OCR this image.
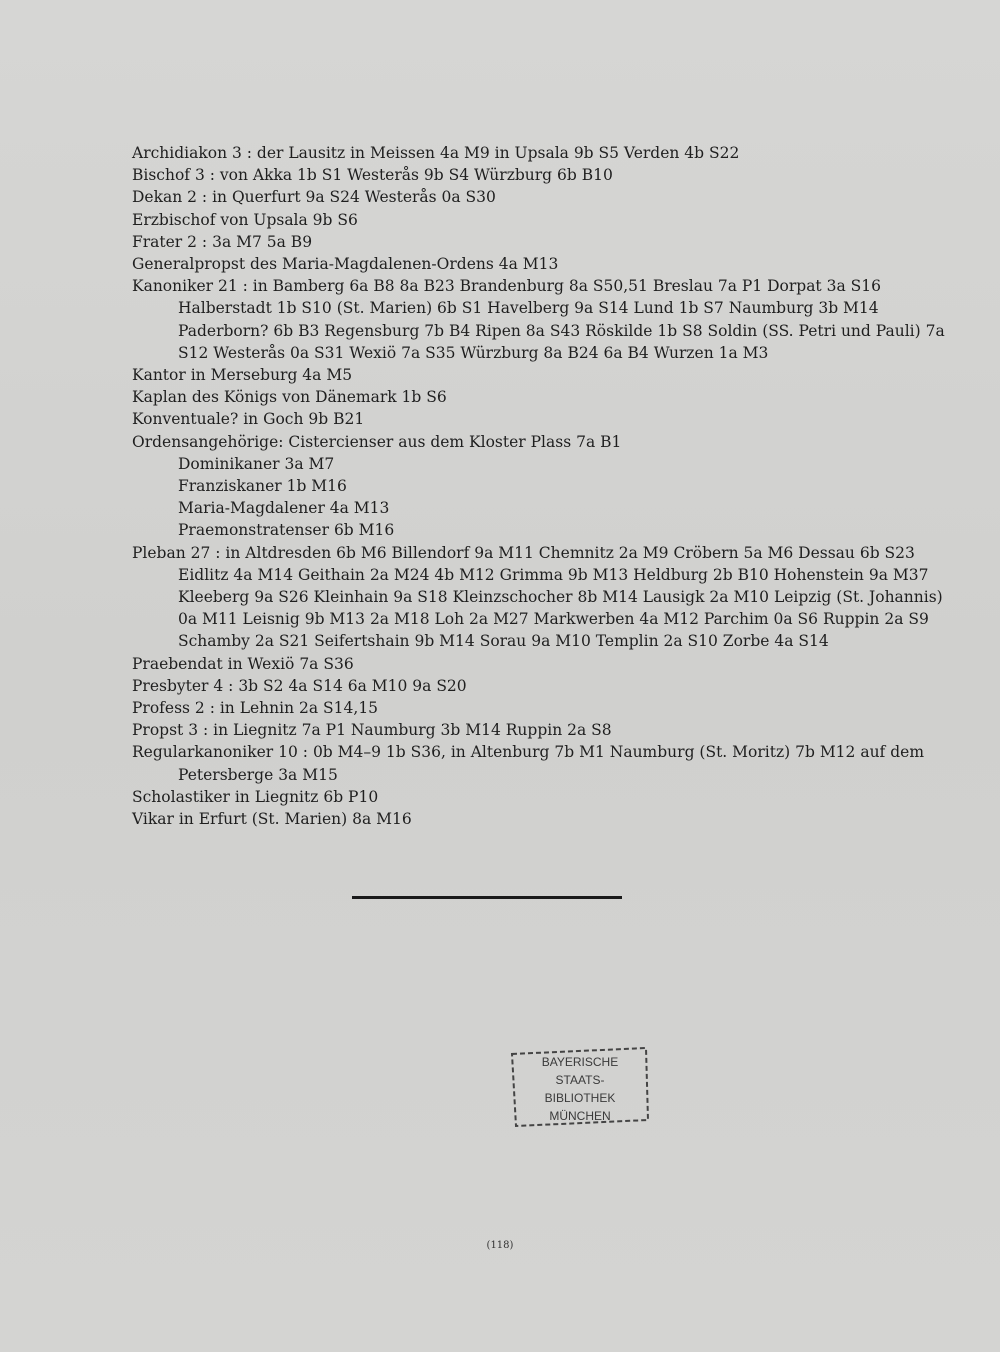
Archidiakon 3 : der Lausitz in Meissen 4a M9 in Upsala 9b S5 Verden 4b S22

Bischof 3 : von Akka 1b S1 Westerås 9b S4 Würzburg 6b B10

Dekan 2 : in Querfurt 9a S24 Westerås 0a S30

Erzbischof von Upsala 9b S6

Frater 2 : 3a M7 5a B9

Generalpropst des Maria-Magdalenen-Ordens 4a M13

Kanoniker 21 : in Bamberg 6a B8 8a B23 Brandenburg 8a S50,51 Breslau 7a P1 Dorpat 3a S16 Halberstadt 1b S10 (St. Marien) 6b S1 Havelberg 9a S14 Lund 1b S7 Naumburg 3b M14 Paderborn? 6b B3 Regensburg 7b B4 Ripen 8a S43 Röskilde 1b S8 Soldin (SS. Petri und Pauli) 7a S12 Westerås 0a S31 Wexiö 7a S35 Würzburg 8a B24 6a B4 Wurzen 1a M3

Kantor in Merseburg 4a M5

Kaplan des Königs von Dänemark 1b S6

Konventuale? in Goch 9b B21

Ordensangehörige: Cistercienser aus dem Kloster Plass 7a B1

Dominikaner 3a M7

Franziskaner 1b M16

Maria-Magdalener 4a M13

Praemonstratenser 6b M16

Pleban 27 : in Altdresden 6b M6 Billendorf 9a M11 Chemnitz 2a M9 Cröbern 5a M6 Dessau 6b S23 Eidlitz 4a M14 Geithain 2a M24 4b M12 Grimma 9b M13 Heldburg 2b B10 Hohenstein 9a M37 Kleeberg 9a S26 Kleinhain 9a S18 Kleinzschocher 8b M14 Lausigk 2a M10 Leipzig (St. Johannis) 0a M11 Leisnig 9b M13 2a M18 Loh 2a M27 Markwerben 4a M12 Parchim 0a S6 Ruppin 2a S9 Schamby 2a S21 Seifertshain 9b M14 Sorau 9a M10 Templin 2a S10 Zorbe 4a S14

Praebendat in Wexiö 7a S36

Presbyter 4 : 3b S2 4a S14 6a M10 9a S20

Profess 2 : in Lehnin 2a S14,15

Propst 3 : in Liegnitz 7a P1 Naumburg 3b M14 Ruppin 2a S8

Regularkanoniker 10 : 0b M4–9 1b S36, in Altenburg 7b M1 Naumburg (St. Moritz) 7b M12 auf dem Petersberge 3a M15

Scholastiker in Liegnitz 6b P10

Vikar in Erfurt (St. Marien) 8a M16

BAYERISCHE
STAATS-
BIBLIOTHEK
MÜNCHEN
(118)
